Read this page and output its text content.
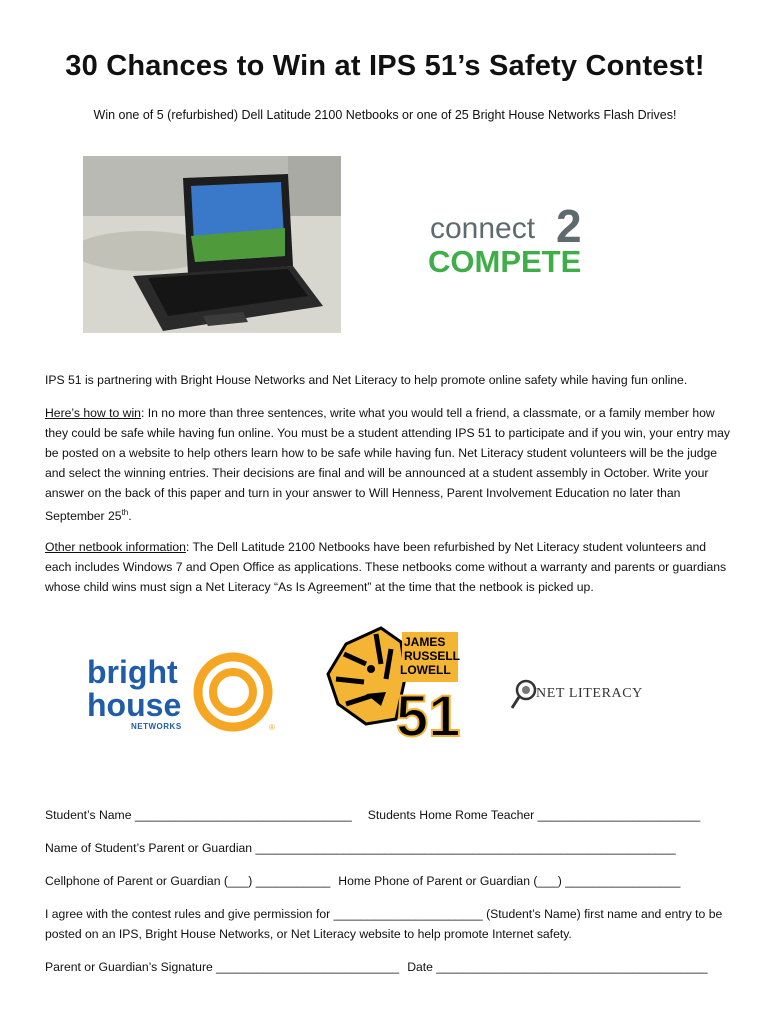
30 Chances to Win at IPS 51’s Safety Contest!
Win one of 5 (refurbished) Dell Latitude 2100 Netbooks or one of 25 Bright House Networks Flash Drives!
connect 2
COMPETE
IPS 51 is partnering with Bright House Networks and Net Literacy to help promote online safety while having fun online.
Here’s how to win: In no more than three sentences, write what you would tell a friend, a classmate, or a family member how they could be safe while having fun online. You must be a student attending IPS 51 to participate and if you win, your entry may be posted on a website to help others learn how to be safe while having fun. Net Literacy student volunteers will be the judge and select the winning entries. Their decisions are final and will be announced at a student assembly in October. Write your answer on the back of this paper and turn in your answer to Will Henness, Parent Involvement Education no later than September 25th.
Other netbook information: The Dell Latitude 2100 Netbooks have been refurbished by Net Literacy student volunteers and each includes Windows 7 and Open Office as applications. These netbooks come without a warranty and parents or guardians whose child wins must sign a Net Literacy “As Is Agreement” at the time that the netbook is picked up.
bright
house
NETWORKS	®
JAMES
RUSSELL
LOWELL
51	NET LITERACY
Student’s Name ________________________________ Students Home Rome Teacher ________________________
Name of Student’s Parent or Guardian ______________________________________________________________
Cellphone of Parent or Guardian (___) ___________ Home Phone of Parent or Guardian (___) _________________
I agree with the contest rules and give permission for ______________________ (Student’s Name) first name and entry to be posted on an IPS, Bright House Networks, or Net Literacy website to help promote Internet safety.
Parent or Guardian’s Signature ___________________________ Date ________________________________________
